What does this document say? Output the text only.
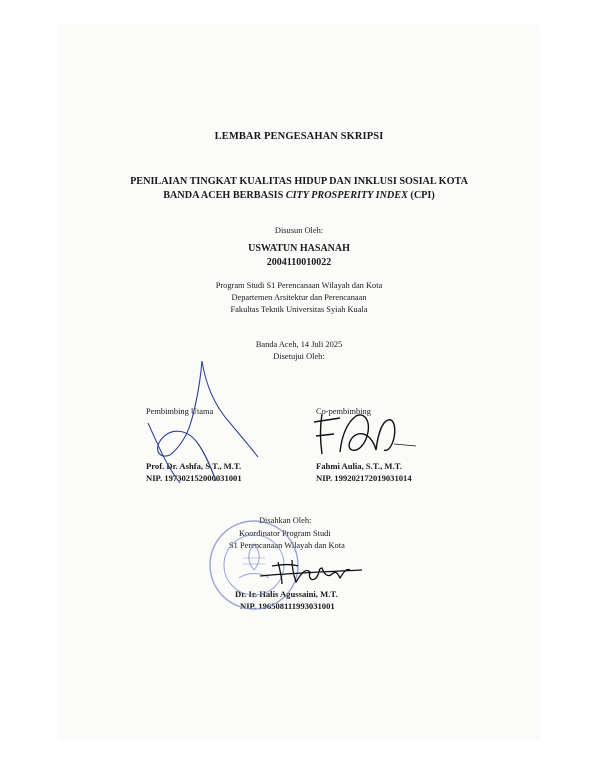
LEMBAR PENGESAHAN SKRIPSI
PENILAIAN TINGKAT KUALITAS HIDUP DAN INKLUSI SOSIAL KOTA
BANDA ACEH BERBASIS CITY PROSPERITY INDEX (CPI)
Disusun Oleh:
USWATUN HASANAH
2004110010022
Program Studi S1 Perencanaan Wilayah dan Kota
Departemen Arsitektur dan Perencanaan
Fakultas Teknik Universitas Syiah Kuala
Banda Aceh, 14 Juli 2025
Disetujui Oleh:
Pembimbing Utama
Prof. Dr. Ashfa, S.T., M.T.
NIP. 197302152000031001
Co-pembimbing
Fahmi Aulia, S.T., M.T.
NIP. 199202172019031014
Disahkan Oleh:
Koordinator Program Studi
S1 Perencanaan Wilayah dan Kota
Dr. Ir. Halis Agussaini, M.T.
NIP. 196508111993031001
